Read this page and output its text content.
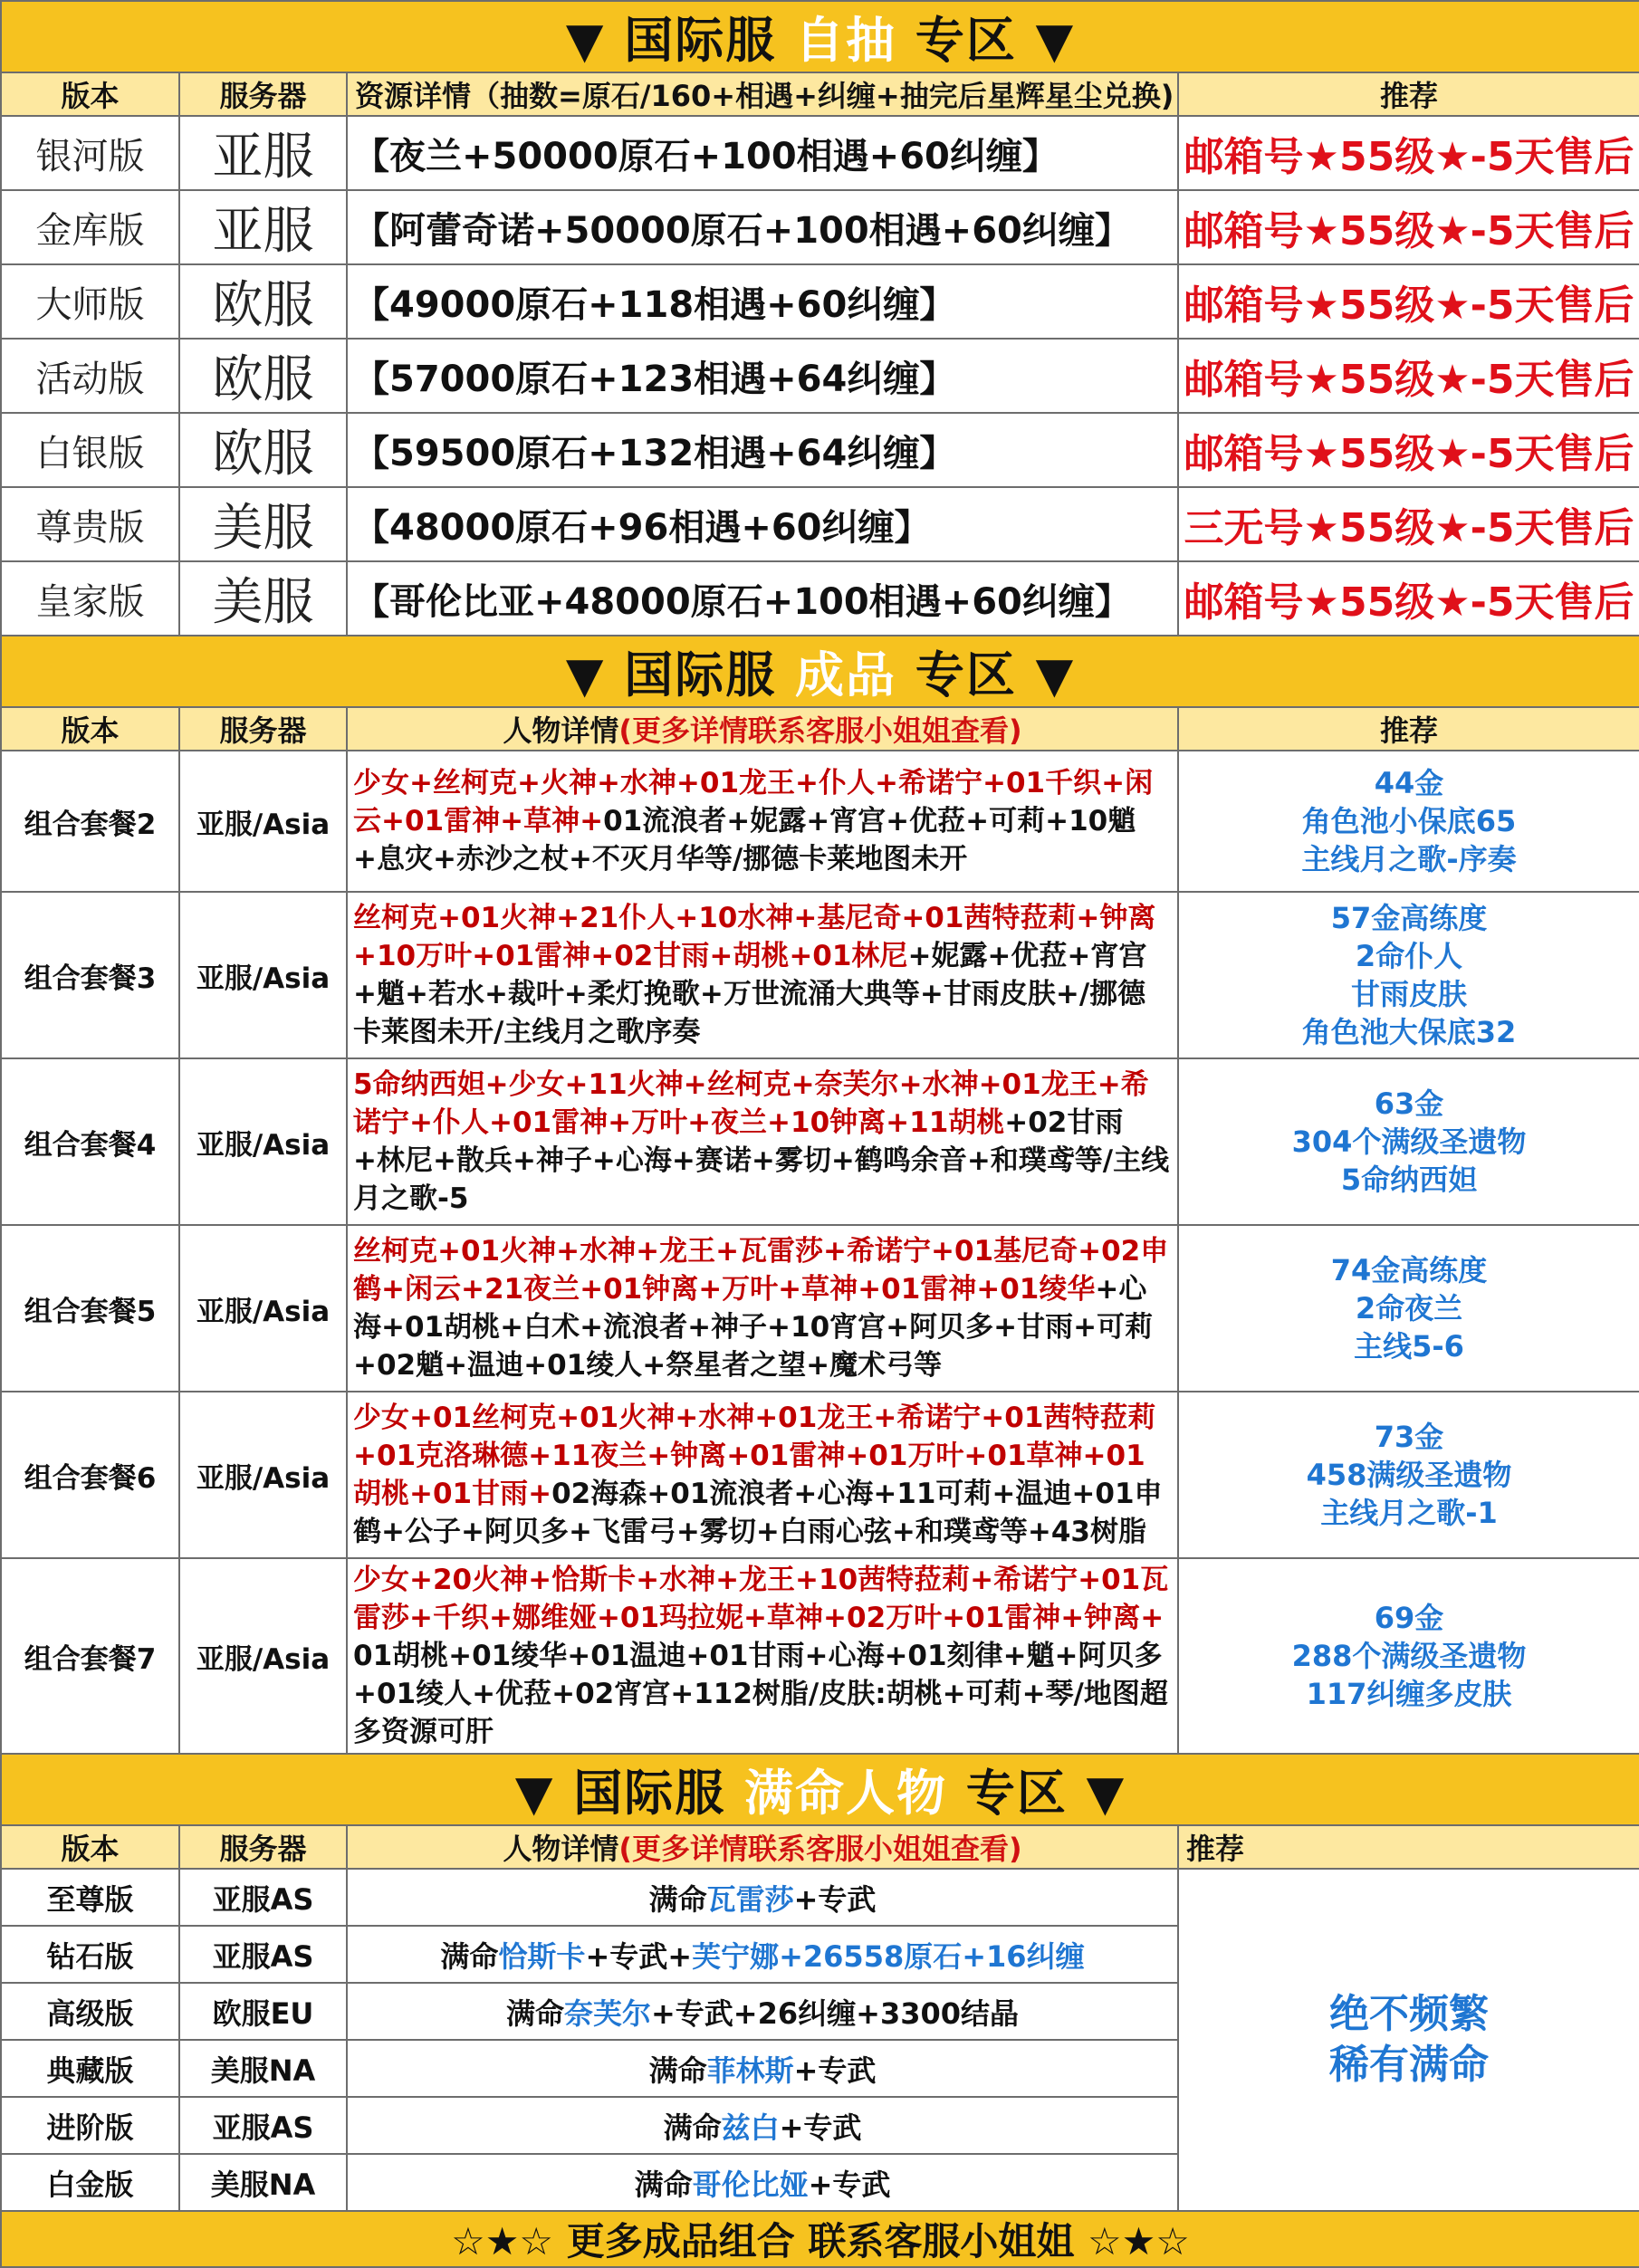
▼ 国际服 自抽 专区 ▼			
版本	服务器	资源详情（抽数=原石/160+相遇+纠缠+抽完后星辉星尘兑换)	推荐
银河版	亚服	【夜兰+50000原石+100相遇+60纠缠】	邮箱号★55级★-5天售后
金库版	亚服	【阿蕾奇诺+50000原石+100相遇+60纠缠】	邮箱号★55级★-5天售后
大师版	欧服	【49000原石+118相遇+60纠缠】	邮箱号★55级★-5天售后
活动版	欧服	【57000原石+123相遇+64纠缠】	邮箱号★55级★-5天售后
白银版	欧服	【59500原石+132相遇+64纠缠】	邮箱号★55级★-5天售后
尊贵版	美服	【48000原石+96相遇+60纠缠】	三无号★55级★-5天售后
皇家版	美服	【哥伦比亚+48000原石+100相遇+60纠缠】	邮箱号★55级★-5天售后
▼ 国际服 成品 专区 ▼			
版本	服务器	人物详情(更多详情联系客服小姐姐查看)	推荐
组合套餐2	亚服/Asia	少女+丝柯克+火神+水神+01龙王+仆人+希诺宁+01千织+闲云+01雷神+草神+01流浪者+妮露+宵宫+优菈+可莉+10魈+息灾+赤沙之杖+不灭月华等/挪德卡莱地图未开	44金
角色池小保底65
主线月之歌-序奏

组合套餐3	亚服/Asia	丝柯克+01火神+21仆人+10水神+基尼奇+01茜特菈莉+钟离+10万叶+01雷神+02甘雨+胡桃+01林尼+妮露+优菈+宵宫+魈+若水+裁叶+柔灯挽歌+万世流涌大典等+甘雨皮肤+/挪德卡莱图未开/主线月之歌序奏	57金高练度
2命仆人
甘雨皮肤
角色池大保底32

组合套餐4	亚服/Asia	5命纳西妲+少女+11火神+丝柯克+奈芙尔+水神+01龙王+希诺宁+仆人+01雷神+万叶+夜兰+10钟离+11胡桃+02甘雨+林尼+散兵+神子+心海+赛诺+雾切+鹤鸣余音+和璞鸢等/主线月之歌-5	63金
304个满级圣遗物
5命纳西妲

组合套餐5	亚服/Asia	丝柯克+01火神+水神+龙王+瓦雷莎+希诺宁+01基尼奇+02申鹤+闲云+21夜兰+01钟离+万叶+草神+01雷神+01绫华+心海+01胡桃+白术+流浪者+神子+10宵宫+阿贝多+甘雨+可莉+02魈+温迪+01绫人+祭星者之望+魔术弓等	74金高练度
2命夜兰
主线5-6

组合套餐6	亚服/Asia	少女+01丝柯克+01火神+水神+01龙王+希诺宁+01茜特菈莉+01克洛琳德+11夜兰+钟离+01雷神+01万叶+01草神+01胡桃+01甘雨+02海森+01流浪者+心海+11可莉+温迪+01申鹤+公子+阿贝多+飞雷弓+雾切+白雨心弦+和璞鸢等+43树脂	73金
458满级圣遗物
主线月之歌-1

组合套餐7	亚服/Asia	少女+20火神+恰斯卡+水神+龙王+10茜特菈莉+希诺宁+01瓦雷莎+千织+娜维娅+01玛拉妮+草神+02万叶+01雷神+钟离+01胡桃+01绫华+01温迪+01甘雨+心海+01刻律+魈+阿贝多+01绫人+优菈+02宵宫+112树脂/皮肤:胡桃+可莉+琴/地图超多资源可肝	69金
288个满级圣遗物
117纠缠多皮肤

▼ 国际服 满命人物 专区 ▼			
版本	服务器	人物详情(更多详情联系客服小姐姐查看)	推荐
至尊版	亚服AS	满命瓦雷莎+专武	绝不频繁
稀有满命

钻石版	亚服AS	满命恰斯卡+专武+芙宁娜+26558原石+16纠缠	
高级版	欧服EU	满命奈芙尔+专武+26纠缠+3300结晶	
典藏版	美服NA	满命菲林斯+专武	
进阶版	亚服AS	满命兹白+专武	
白金版	美服NA	满命哥伦比娅+专武	
☆★☆ 更多成品组合 联系客服小姐姐 ☆★☆			
